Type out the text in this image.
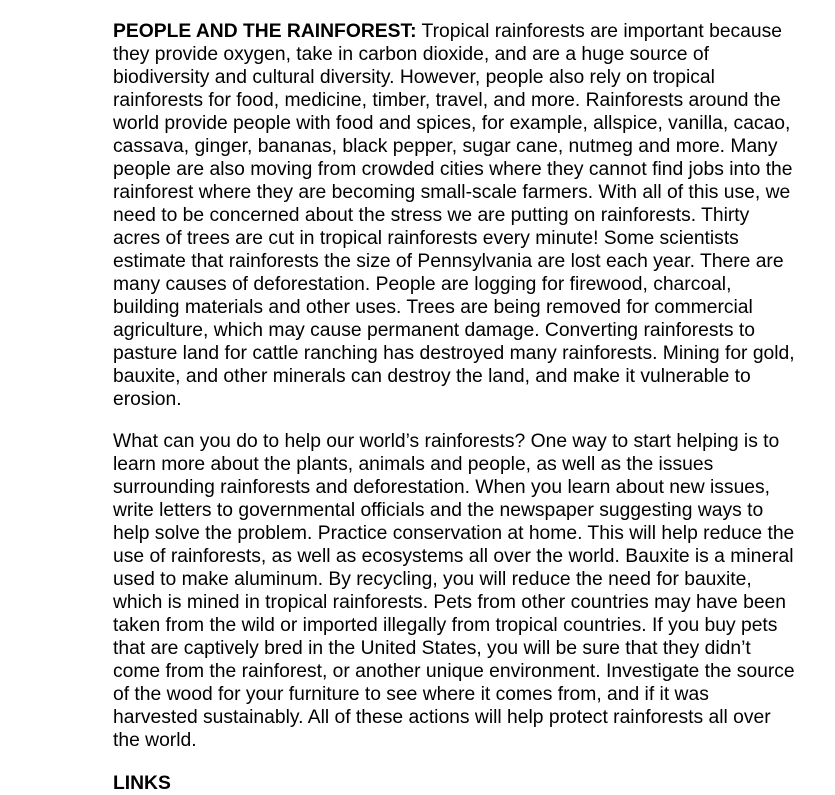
PEOPLE AND THE RAINFOREST: Tropical rainforests are important because they provide oxygen, take in carbon dioxide, and are a huge source of biodiversity and cultural diversity. However, people also rely on tropical rainforests for food, medicine, timber, travel, and more. Rainforests around the world provide people with food and spices, for example, allspice, vanilla, cacao, cassava, ginger, bananas, black pepper, sugar cane, nutmeg and more. Many people are also moving from crowded cities where they cannot find jobs into the rainforest where they are becoming small-scale farmers. With all of this use, we need to be concerned about the stress we are putting on rainforests. Thirty acres of trees are cut in tropical rainforests every minute! Some scientists estimate that rainforests the size of Pennsylvania are lost each year. There are many causes of deforestation. People are logging for firewood, charcoal, building materials and other uses. Trees are being removed for commercial agriculture, which may cause permanent damage. Converting rainforests to pasture land for cattle ranching has destroyed many rainforests. Mining for gold, bauxite, and other minerals can destroy the land, and make it vulnerable to erosion.

What can you do to help our world’s rainforests? One way to start helping is to learn more about the plants, animals and people, as well as the issues surrounding rainforests and deforestation. When you learn about new issues, write letters to governmental officials and the newspaper suggesting ways to help solve the problem. Practice conservation at home. This will help reduce the use of rainforests, as well as ecosystems all over the world. Bauxite is a mineral used to make aluminum. By recycling, you will reduce the need for bauxite, which is mined in tropical rainforests. Pets from other countries may have been taken from the wild or imported illegally from tropical countries. If you buy pets that are captively bred in the United States, you will be sure that they didn’t come from the rainforest, or another unique environment. Investigate the source of the wood for your furniture to see where it comes from, and if it was harvested sustainably. All of these actions will help protect rainforests all over the world.

LINKS
